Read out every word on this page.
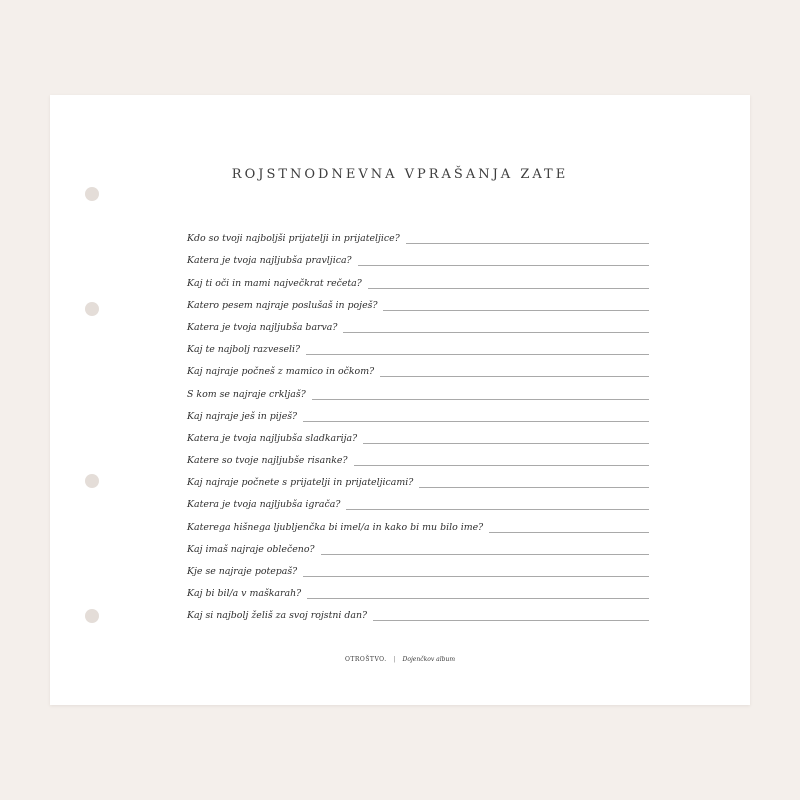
ROJSTNODNEVNA VPRAŠANJA ZATE
Kdo so tvoji najboljši prijatelji in prijateljice?
Katera je tvoja najljubša pravljica?
Kaj ti oči in mami največkrat rečeta?
Katero pesem najraje poslušaš in poješ?
Katera je tvoja najljubša barva?
Kaj te najbolj razveseli?
Kaj najraje počneš z mamico in očkom?
S kom se najraje crkljaš?
Kaj najraje ješ in piješ?
Katera je tvoja najljubša sladkarija?
Katere so tvoje najljubše risanke?
Kaj najraje počnete s prijatelji in prijateljicami?
Katera je tvoja najljubša igrača?
Katerega hišnega ljubljenčka bi imel/a in kako bi mu bilo ime?
Kaj imaš najraje oblečeno?
Kje se najraje potepaš?
Kaj bi bil/a v maškarah?
Kaj si najbolj želiš za svoj rojstni dan?
OTROŠTVO. | Dojenčkov album
